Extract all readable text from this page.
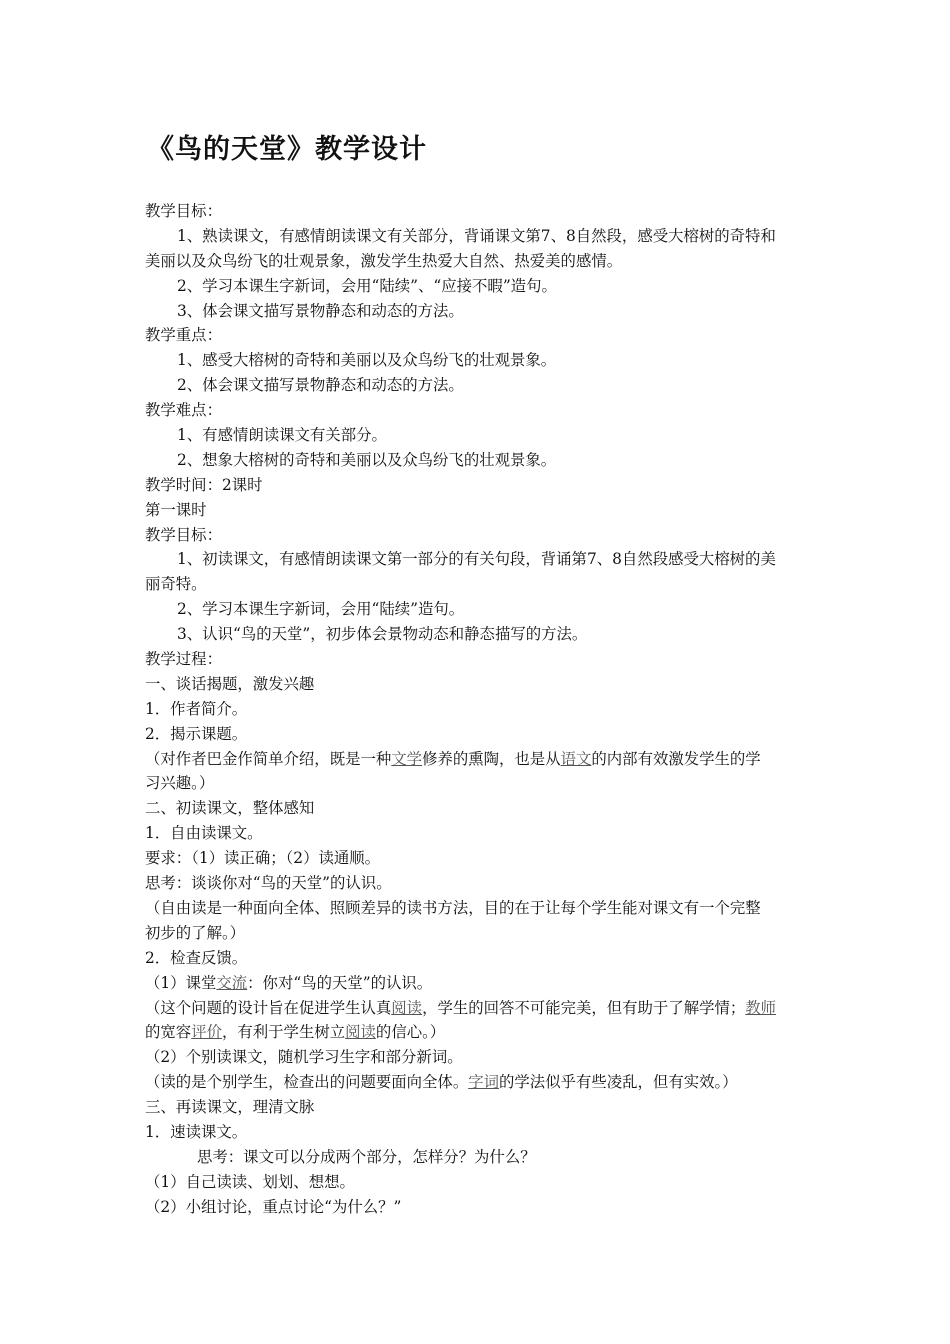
《鸟的天堂》教学设计
教学目标：
1、熟读课文，有感情朗读课文有关部分，背诵课文第7、8自然段，感受大榕树的奇特和
美丽以及众鸟纷飞的壮观景象，激发学生热爱大自然、热爱美的感情。
2、学习本课生字新词，会用“陆续”、“应接不暇”造句。
3、体会课文描写景物静态和动态的方法。
教学重点：
1、感受大榕树的奇特和美丽以及众鸟纷飞的壮观景象。
2、体会课文描写景物静态和动态的方法。
教学难点：
1、有感情朗读课文有关部分。
2、想象大榕树的奇特和美丽以及众鸟纷飞的壮观景象。
教学时间：2课时
第一课时
教学目标：
1、初读课文，有感情朗读课文第一部分的有关句段，背诵第7、8自然段感受大榕树的美
丽奇特。
2、学习本课生字新词，会用“陆续”造句。
3、认识“鸟的天堂”，初步体会景物动态和静态描写的方法。
教学过程：
一、谈话揭题，激发兴趣
1．作者简介。
2．揭示课题。
（对作者巴金作简单介绍，既是一种文学修养的熏陶，也是从语文的内部有效激发学生的学
习兴趣。）
二、初读课文，整体感知
1．自由读课文。
要求：（1）读正确；（2）读通顺。
思考：谈谈你对“鸟的天堂”的认识。
（自由读是一种面向全体、照顾差异的读书方法，目的在于让每个学生能对课文有一个完整
初步的了解。）
2．检查反馈。
（1）课堂交流：你对“鸟的天堂”的认识。
（这个问题的设计旨在促进学生认真阅读，学生的回答不可能完美，但有助于了解学情；教师
的宽容评价，有利于学生树立阅读的信心。）
（2）个别读课文，随机学习生字和部分新词。
（读的是个别学生，检查出的问题要面向全体。字词的学法似乎有些凌乱，但有实效。）
三、再读课文，理清文脉
1．速读课文。
思考：课文可以分成两个部分，怎样分？为什么？
（1）自己读读、划划、想想。
（2）小组讨论，重点讨论“为什么？”
